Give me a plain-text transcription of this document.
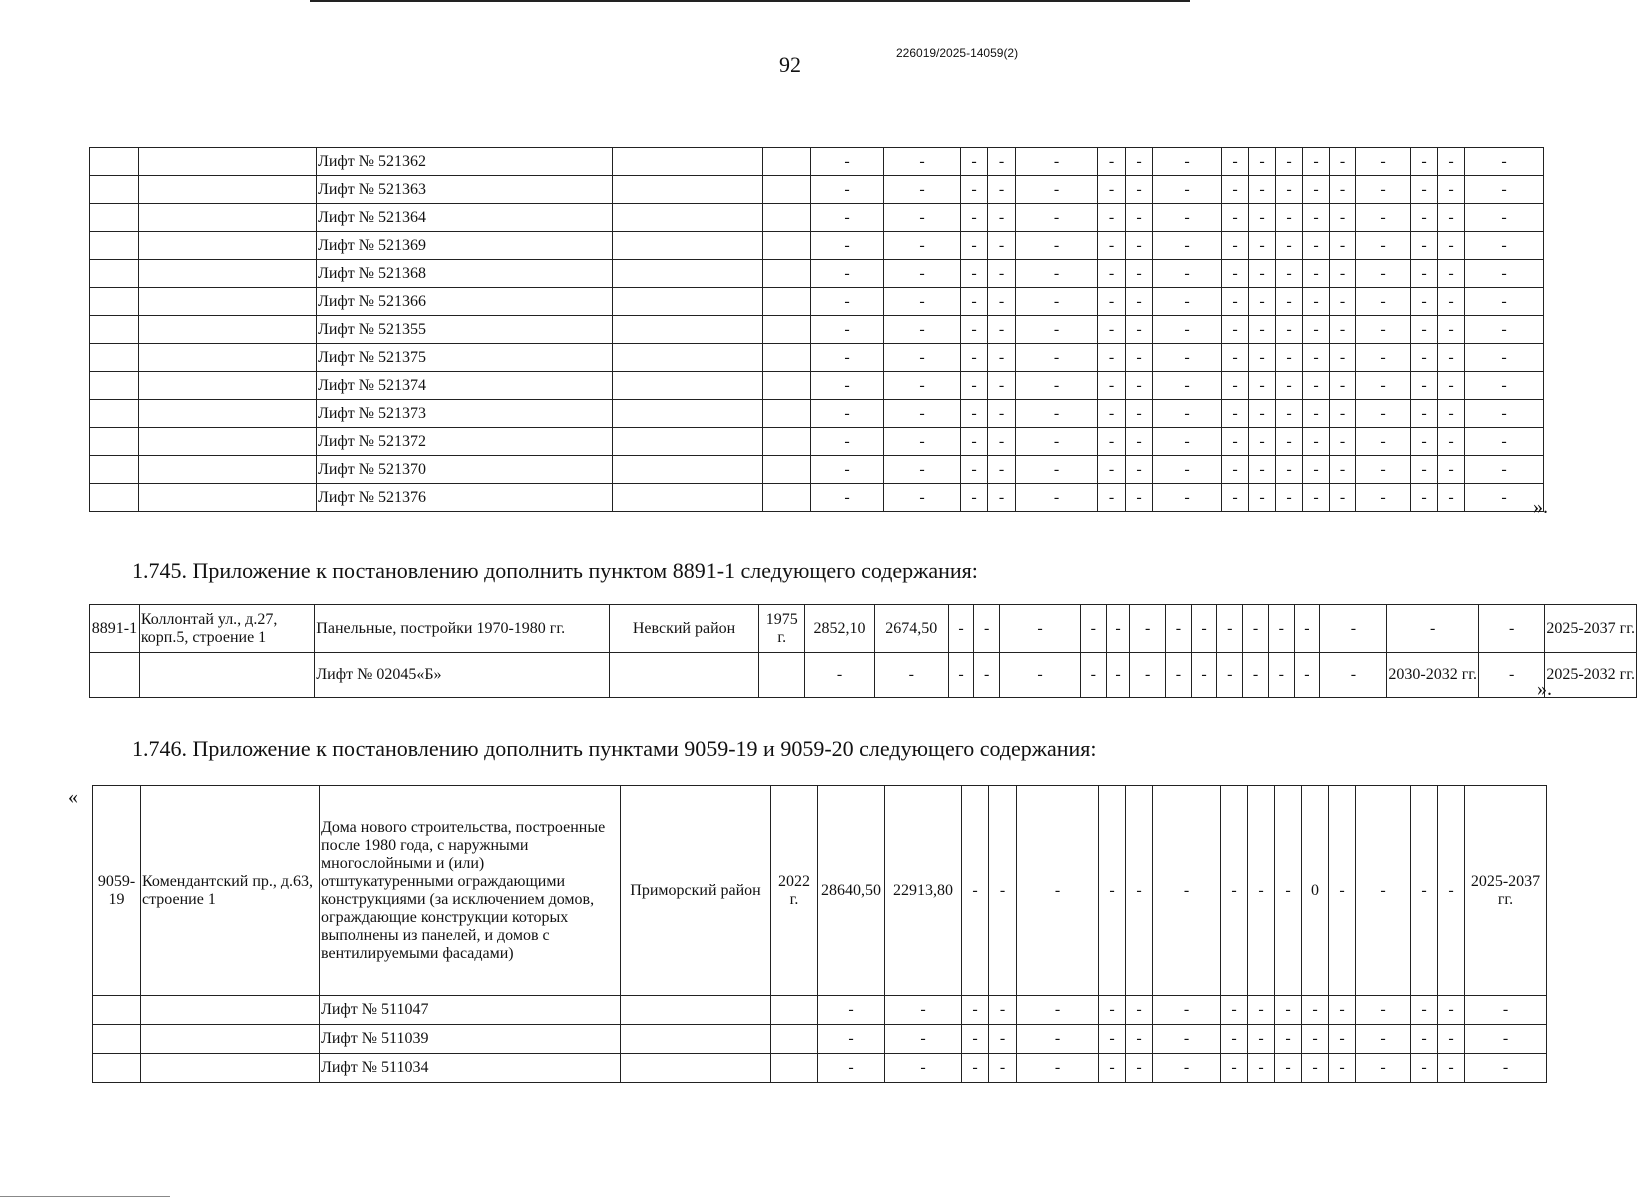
92	226019/2025-14059(2)
		Лифт № 521362			-	-	-	-	-	-	-	-	-	-	-	-	-	-	-	-	-
		Лифт № 521363			-	-	-	-	-	-	-	-	-	-	-	-	-	-	-	-	-
		Лифт № 521364			-	-	-	-	-	-	-	-	-	-	-	-	-	-	-	-	-
		Лифт № 521369			-	-	-	-	-	-	-	-	-	-	-	-	-	-	-	-	-
		Лифт № 521368			-	-	-	-	-	-	-	-	-	-	-	-	-	-	-	-	-
		Лифт № 521366			-	-	-	-	-	-	-	-	-	-	-	-	-	-	-	-	-
		Лифт № 521355			-	-	-	-	-	-	-	-	-	-	-	-	-	-	-	-	-
		Лифт № 521375			-	-	-	-	-	-	-	-	-	-	-	-	-	-	-	-	-
		Лифт № 521374			-	-	-	-	-	-	-	-	-	-	-	-	-	-	-	-	-
		Лифт № 521373			-	-	-	-	-	-	-	-	-	-	-	-	-	-	-	-	-
		Лифт № 521372			-	-	-	-	-	-	-	-	-	-	-	-	-	-	-	-	-
		Лифт № 521370			-	-	-	-	-	-	-	-	-	-	-	-	-	-	-	-	-
		Лифт № 521376			-	-	-	-	-	-	-	-	-	-	-	-	-	-	-	-	- ».
1.745. Приложение к постановлению дополнить пунктом 8891-1 следующего содержания:
8891-1	Коллонтай ул., д.27, корп.5, строение 1	Панельные, постройки 1970-1980 гг.	Невский район	1975 г.	2852,10	2674,50	-	-	-	-	-	-	-	-	-	-	-	-	-	-	-	2025-2037 гг.
		Лифт № 02045«Б»			-	-	-	-	-	-	-	-	-	-	-	-	-	-	-	2030-2032 гг.	-	2025-2032 гг.
».
1.746. Приложение к постановлению дополнить пунктами 9059-19 и 9059-20 следующего содержания:
«
9059-19	Комендантский пр., д.63, строение 1	Дома нового строительства, построенные после 1980 года, с наружными многослойными и (или) отштукатуренными ограждающими конструкциями (за исключением домов, ограждающие конструкции которых выполнены из панелей, и домов с вентилируемыми фасадами)	Приморский район	2022 г.	28640,50	22913,80	-	-	-	-	-	-	-	-	-	0	-	-	-	-	2025-2037 гг.
		Лифт № 511047			-	-	-	-	-	-	-	-	-	-	-	-	-	-	-	-	-
		Лифт № 511039			-	-	-	-	-	-	-	-	-	-	-	-	-	-	-	-	-
		Лифт № 511034			-	-	-	-	-	-	-	-	-	-	-	-	-	-	-	-	-
